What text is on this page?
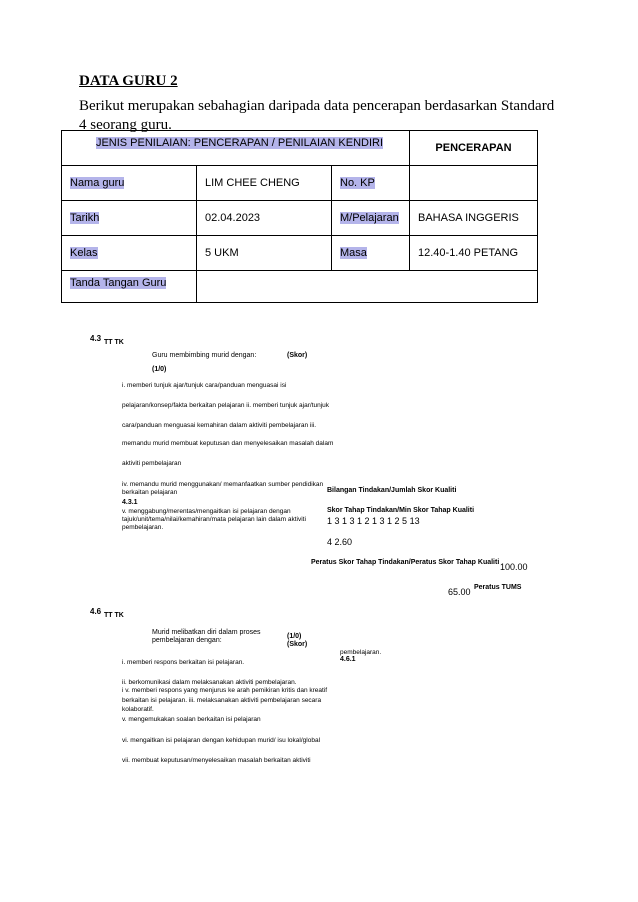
DATA GURU 2
Berikut merupakan sebahagian daripada data pencerapan berdasarkan Standard 4 seorang guru.
JENIS PENILAIAN: PENCERAPAN / PENILAIAN KENDIRI			PENCERAPAN
Nama guru	LIM CHEE CHENG	No. KP	
Tarikh	02.04.2023	M/Pelajaran	BAHASA INGGERIS
Kelas	5 UKM	Masa	12.40-1.40 PETANG
Tanda Tangan Guru			
4.3 TT TK
Guru membimbing murid dengan:	(Skor)
(1/0)
i. memberi tunjuk ajar/tunjuk cara/panduan menguasai isi
pelajaran/konsep/fakta berkaitan pelajaran ii. memberi tunjuk ajar/tunjuk
cara/panduan menguasai kemahiran dalam aktiviti pembelajaran iii.
memandu murid membuat keputusan dan menyelesaikan masalah dalam
aktiviti pembelajaran
iv. memandu murid menggunakan/ memanfaatkan sumber pendidikan
berkaitan pelajaran
4.3.1
v. menggabung/merentas/mengaitkan isi pelajaran dengan
tajuk/unit/tema/nilai/kemahiran/mata pelajaran lain dalam aktiviti
pembelajaran.
Bilangan Tindakan/Jumlah Skor Kualiti
Skor Tahap Tindakan/Min Skor Tahap Kualiti
1 3 1 3 1 2 1 3 1 2 5 13
4 2.60
Peratus Skor Tahap Tindakan/Peratus Skor Tahap Kualiti 100.00
65.00 Peratus TUMS
4.6 TT TK
Murid melibatkan diri dalam proses
pembelajaran dengan:
(1/0)
(Skor)
pembelajaran.
4.6.1
i. memberi respons berkaitan isi pelajaran.
ii. berkomunikasi dalam melaksanakan aktiviti pembelajaran.
i v. memberi respons yang menjurus ke arah pemikiran kritis dan kreatif
berkaitan isi pelajaran. iii. melaksanakan aktiviti pembelajaran secara
kolaboratif.
v. mengemukakan soalan berkaitan isi pelajaran
vi. mengaitkan isi pelajaran dengan kehidupan murid/ isu lokal/global
vii. membuat keputusan/menyelesaikan masalah berkaitan aktiviti
